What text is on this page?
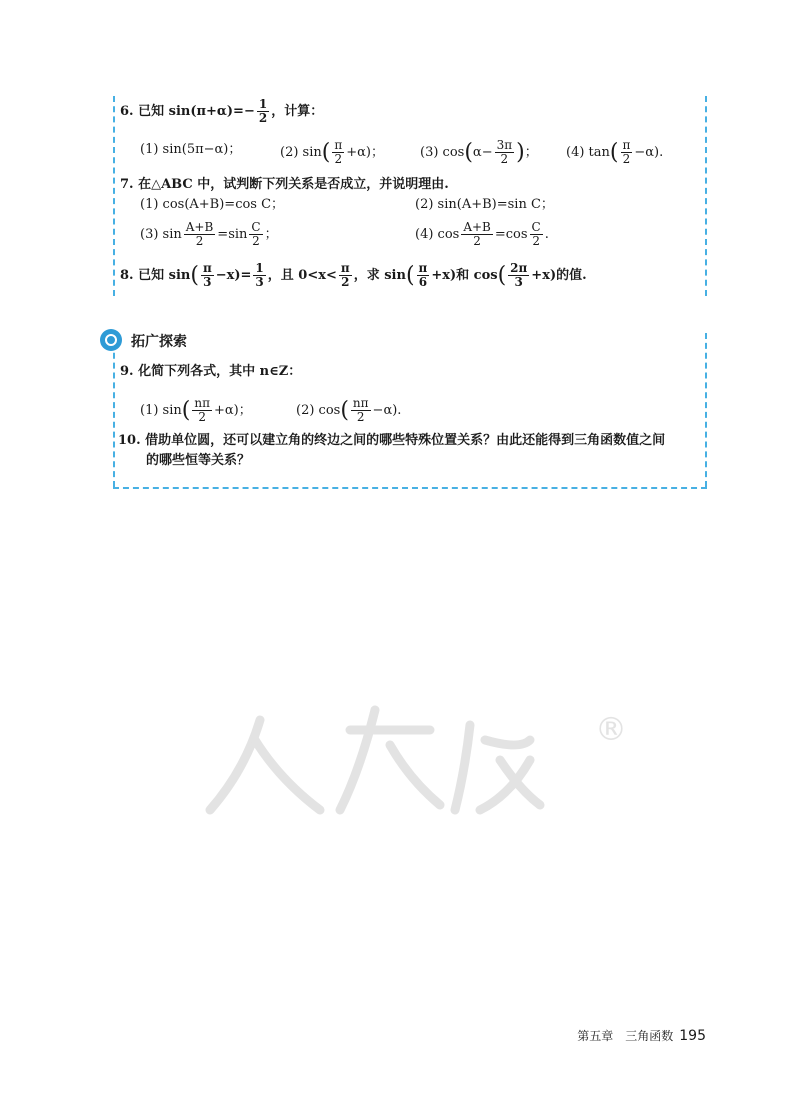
6. 已知 $\sin(\pi+\alpha)=- \frac{1}{2}$ ，计算：
(1) sin(5π−α)；	(2) sin ( $\frac{\pi}{2} +\alpha$)；	(3) cos ( $\alpha- \frac{3\pi}{2}$ ) ； (4) tan ( $\frac{\pi}{2} -\alpha$).
7. 在△ABC 中，试判断下列关系是否成立，并说明理由.
(1) cos(A+B)=cos C；	(2) sin(A+B)=sin C；
(3) $\sin \frac{A+B}{2} =\sin \frac{C}{2}$ ；	(4) $\cos \frac{A+B}{2} =\cos \frac{C}{2}$ .
8. 已知 sin ( $\frac{\pi}{3} -x)= \frac{1}{3}$ ，且 $0<x< \frac{\pi}{2}$ ，求 sin ( $\frac{\pi}{6} +x$)和 cos ( $\frac{2\pi}{3} +x$)的值.
拓广探索
9. 化简下列各式，其中 n∈Z：
(1) sin ( $\frac{n\pi}{2} +\alpha$)；	(2) cos ( $\frac{n\pi}{2} -\alpha$).
10. 借助单位圆，还可以建立角的终边之间的哪些特殊位置关系？由此还能得到三角函数值之间
的哪些恒等关系？
®
第五章　三角函数 195
